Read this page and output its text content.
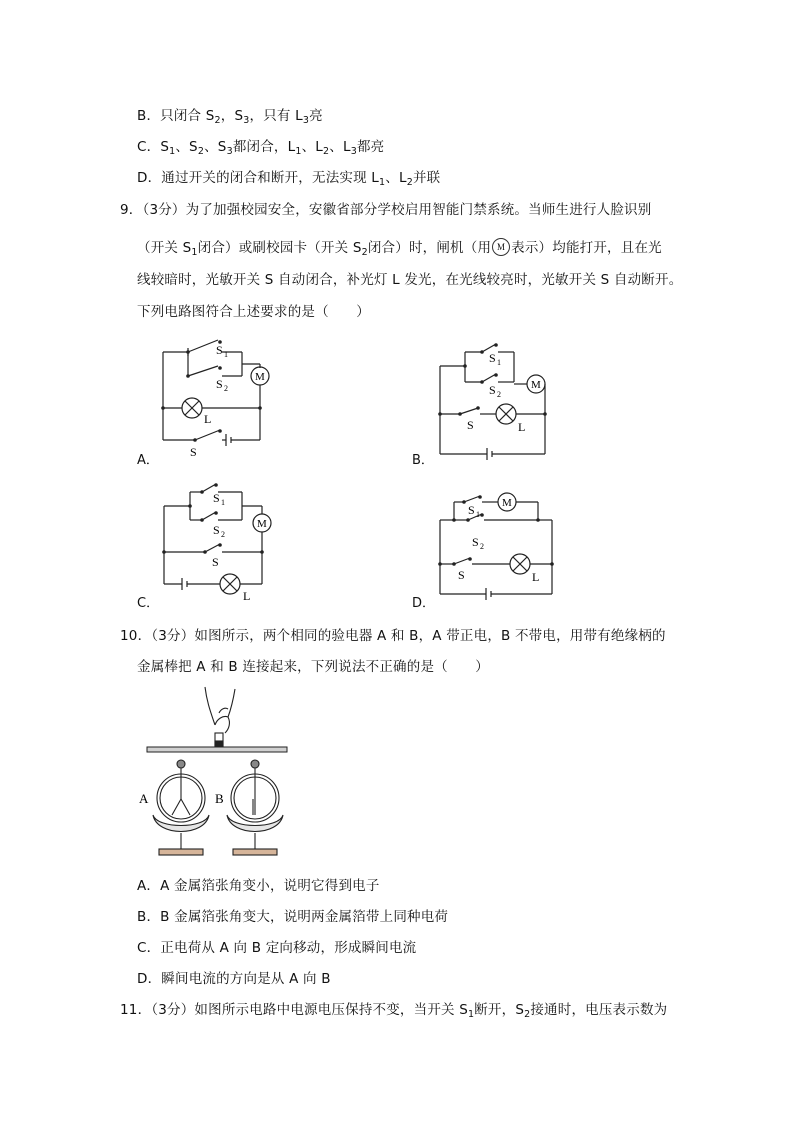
B．只闭合 $S_2$，$S_3$，只有 $L_3$亮
C．$S_1$、$S_2$、$S_3$都闭合，$L_1$、$L_2$、$L_3$都亮
D．通过开关的闭合和断开，无法实现 $L_1$、$L_2$并联
9．（3分）为了加强校园安全，安徽省部分学校启用智能门禁系统。当师生进行人脸识别
（开关 $S_1$闭合）或刷校园卡（开关 $S_2$闭合）时，闸机（用 M 表示）均能打开，且在光
线较暗时，光敏开关 S 自动闭合，补光灯 L 发光，在光线较亮时，光敏开关 S 自动断开。
下列电路图符合上述要求的是（　　）
S 1
S 2
M
L
S
A．
S 1
S 2
M
S	L
B．
S 1
S 2
M
S
L
C．
M
S 1
S 2
S	L
D．
10．（3分）如图所示，两个相同的验电器 A 和 B，A 带正电，B 不带电，用带有绝缘柄的
金属棒把 A 和 B 连接起来，下列说法不正确的是（　　）
A	B
A．A 金属箔张角变小，说明它得到电子
B．B 金属箔张角变大，说明两金属箔带上同种电荷
C．正电荷从 A 向 B 定向移动，形成瞬间电流
D．瞬间电流的方向是从 A 向 B
11．（3分）如图所示电路中电源电压保持不变，当开关 $S_1$断开，$S_2$接通时，电压表示数为
